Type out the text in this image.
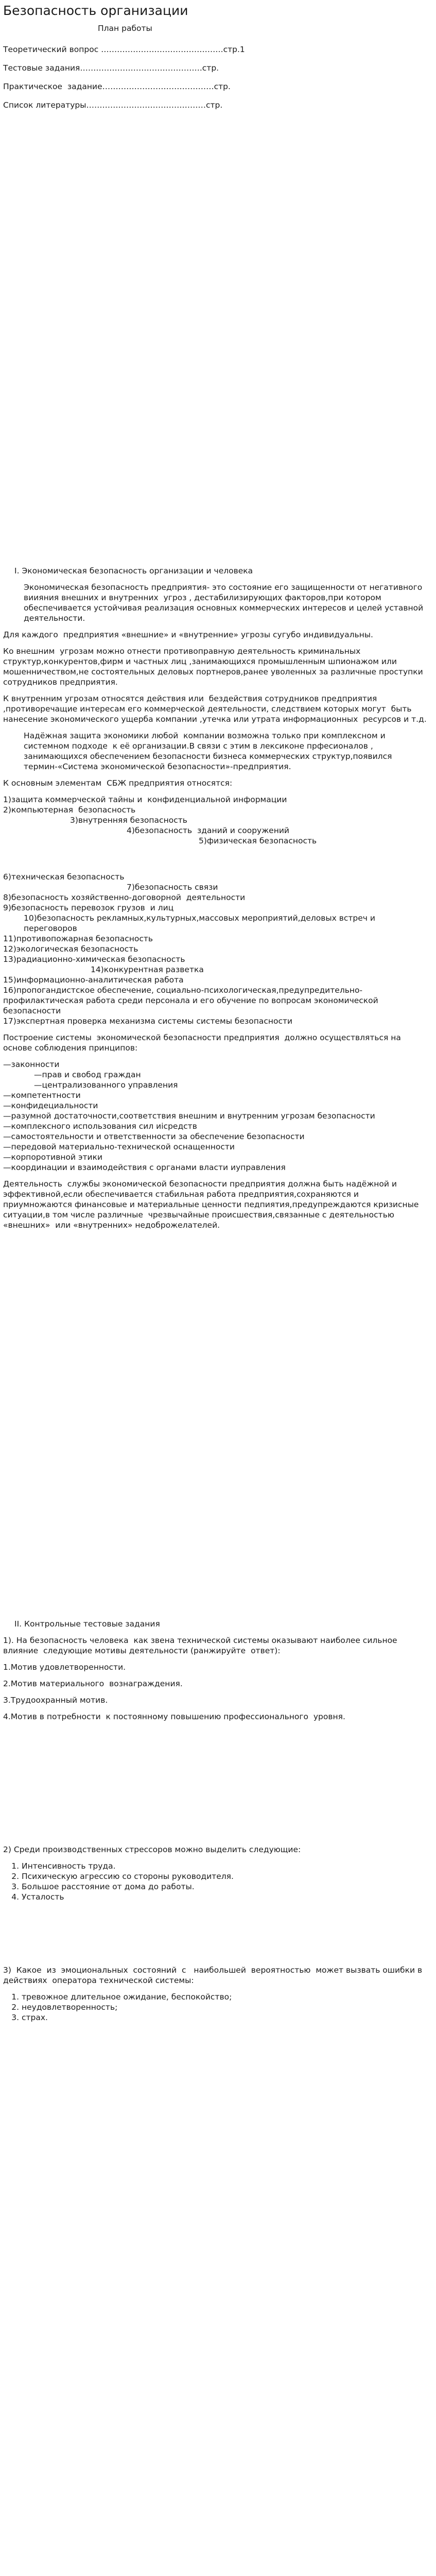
Безопасность организации
План работы
Теоретический вопрос ……………………………………….стр.1
Тестовые задания……………………………………….стр.
Практическое  задание……………………………………стр.
Список литературы………………………………………стр.

I. Экономическая безопасность организации и человека

Экономическая безопасность предприятия- это состояние его защищенности от негативного виияния внешних и внутренних  угроз , дестабилизирующих факторов,при котором обеспечивается устойчивая реализация основных коммерческих интересов и целей уставной деятельности.

Для каждого  предприятия «внешние» и «внутренние» угрозы сугубо индивидуальны.

Ко внешним  угрозам можно отнести противоправную деятельность криминальных структур,конкурентов,фирм и частных лиц ,занимающихся промышленным шпионажом или мошенничеством,не состоятельных деловых портнеров,ранее уволенных за различные проступки сотрудников предприятия.

К внутренним угрозам относятся действия или  бездействия сотрудников предприятия ,противоречащие интересам его коммерческой деятельности, следствием которых могут  быть нанесение экономического ущерба компании ,утечка или утрата информационных  ресурсов и т.д.

Надёжная защита экономики любой  компании возможна только при комплексном и системном подходе  к её организации.В связи с этим в лексиконе прфесионалов , занимающихся обеспечением безопасности бизнеса коммерческих структур,появился  термин-«Система экономической безопасности»-предприятия.

К основным элементам  СБЖ предприятия относятся:

1)защита коммерческой тайны и  конфиденциальной информации

2)компьютерная  безопасность

3)внутренняя безопасность

4)безопасность  зданий и сооружений

5)физическая безопасность

6)техническая безопасность

7)безопасность связи

8)безопасность хозяйственно-договорной  деятельности

9)безопасность перевозок грузов  и лиц

10)безопасность рекламных,культурных,массовых мероприятий,деловых встреч и переговоров

11)противопожарная безопасность

12)экологическая безопасность

13)радиационно-химическая безопасность

14)конкурентная разветка

15)информационно-аналитическая работа

16)пропогандистское обеспечение, социально-психологическая,предупредительно-профилактическая работа среди персонала и его обучение по вопросам экономической безопасности

17)экспертная проверка механизма системы системы безопасности

Построение системы  экономической безопасности предприятия  должно осуществляться на основе соблюдения принципов:

—законности

—прав и свобод граждан

—централизованного управления

—компетентности

—конфидециальности

—разумной достаточности,соответствия внешним и внутренним угрозам безопасности

—комплексного использования сил иісредств

—самостоятельности и ответственности за обеспечение безопасности

—передовой материально-технической оснащенности

—корпоротивной этики

—координации и взаимодействия с органами власти иуправления

Деятельность  службы экономической безопасности предприятия должна быть надёжной и  эффективной,если обеспечивается стабильная работа предприятия,сохраняются и  приумножаются финансовые и материальные ценности педпиятия,предупреждаются кризисные  ситуации,в том числе различные  чрезвычайные происшествия,связанные с деятельностью «внешних»  или «внутренних» недоброжелателей.

II. Контрольные тестовые задания

1). На безопасность человека  как звена технической системы оказывают наиболее сильное влияние  следующие мотивы деятельности (ранжируйте  ответ):

1.Мотив удовлетворенности.

2.Мотив материального  вознаграждения.

3.Трудоохранный мотив.

4.Мотив в потребности  к постоянному повышению профессионального  уровня.

2) Среди производственных стрессоров можно выделить следующие:

1. Интенсивность труда.
2. Психическую агрессию со стороны руководителя.
3. Большое расстояние от дома до работы.
4. Усталость

3)  Какое  из  эмоциональных  состояний  с   наибольшей  вероятностью  может вызвать ошибки в действиях  оператора технической системы:

1. тревожное длительное ожидание, беспокойство;
2. неудовлетворенность;
3. страх.
